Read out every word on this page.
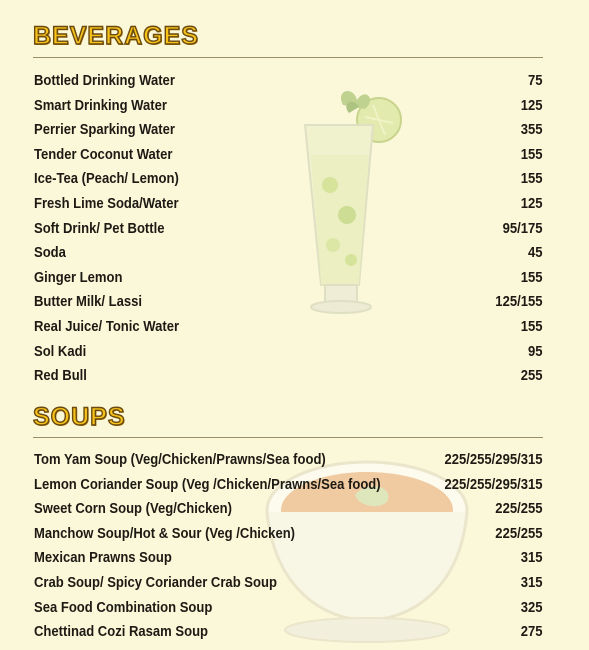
BEVERAGES
Bottled Drinking Water	75
Smart Drinking Water	125
Perrier Sparking Water	355
Tender Coconut Water	155
Ice-Tea (Peach/ Lemon)	155
Fresh Lime Soda/Water	125
Soft Drink/ Pet Bottle	95/175
Soda	45
Ginger Lemon	155
Butter Milk/ Lassi	125/155
Real Juice/ Tonic Water	155
Sol Kadi	95
Red Bull	255
SOUPS
Tom Yam Soup (Veg/Chicken/Prawns/Sea food)	225/255/295/315
Lemon Coriander Soup (Veg /Chicken/Prawns/Sea food)	225/255/295/315
Sweet Corn Soup (Veg/Chicken)	225/255
Manchow Soup/Hot & Sour (Veg /Chicken)	225/255
Mexican Prawns Soup	315
Crab Soup/ Spicy Coriander Crab Soup	315
Sea Food Combination Soup	325
Chettinad Cozi Rasam Soup	275
